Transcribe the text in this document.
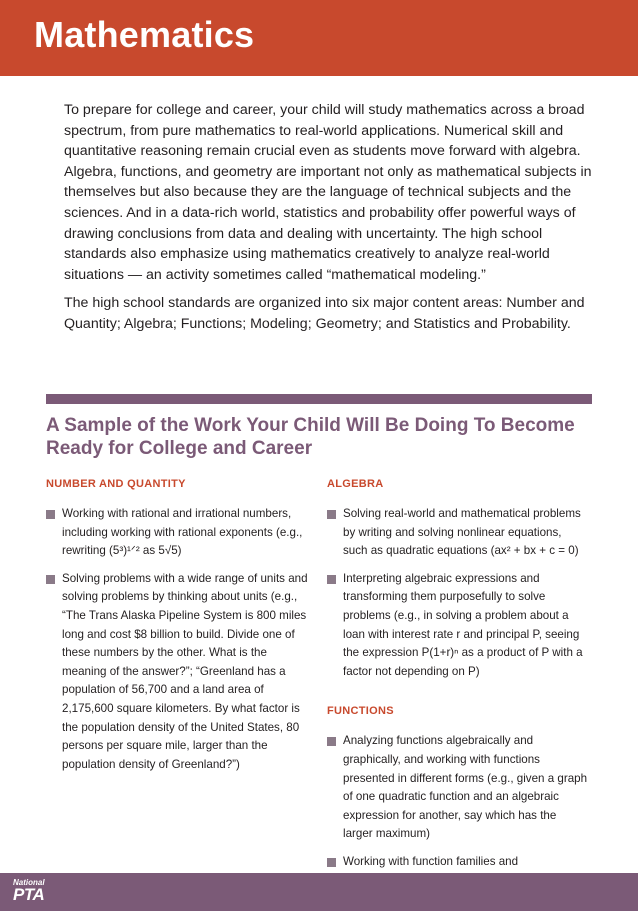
Mathematics

To prepare for college and career, your child will study mathematics across a broad spectrum, from pure mathematics to real-world applications. Numerical skill and quantitative reasoning remain crucial even as students move forward with algebra. Algebra, functions, and geometry are important not only as mathematical subjects in themselves but also because they are the language of technical subjects and the sciences. And in a data-rich world, statistics and probability offer powerful ways of drawing conclusions from data and dealing with uncertainty. The high school standards also emphasize using mathematics creatively to analyze real-world situations — an activity sometimes called “mathematical modeling.”

The high school standards are organized into six major content areas: Number and Quantity; Algebra; Functions; Modeling; Geometry; and Statistics and Probability.

A Sample of the Work Your Child Will Be Doing To Become Ready for College and Career
NUMBER AND QUANTITY
Working with rational and irrational numbers, including working with rational exponents (e.g., rewriting (5³)¹ᐟ² as 5√5)
Solving problems with a wide range of units and solving problems by thinking about units (e.g., “The Trans Alaska Pipeline System is 800 miles long and cost $8 billion to build. Divide one of these numbers by the other. What is the meaning of the answer?”; “Greenland has a population of 56,700 and a land area of 2,175,600 square kilometers. By what factor is the population density of the United States, 80 persons per square mile, larger than the population density of Greenland?”)
ALGEBRA
Solving real-world and mathematical problems by writing and solving nonlinear equations, such as quadratic equations (ax² + bx + c = 0)
Interpreting algebraic expressions and transforming them purposefully to solve problems (e.g., in solving a problem about a loan with interest rate r and principal P, seeing the expression P(1+r)ⁿ as a product of P with a factor not depending on P)
FUNCTIONS
Analyzing functions algebraically and graphically, and working with functions presented in different forms (e.g., given a graph of one quadratic function and an algebraic expression for another, say which has the larger maximum)
Working with function families and
National
PTA
